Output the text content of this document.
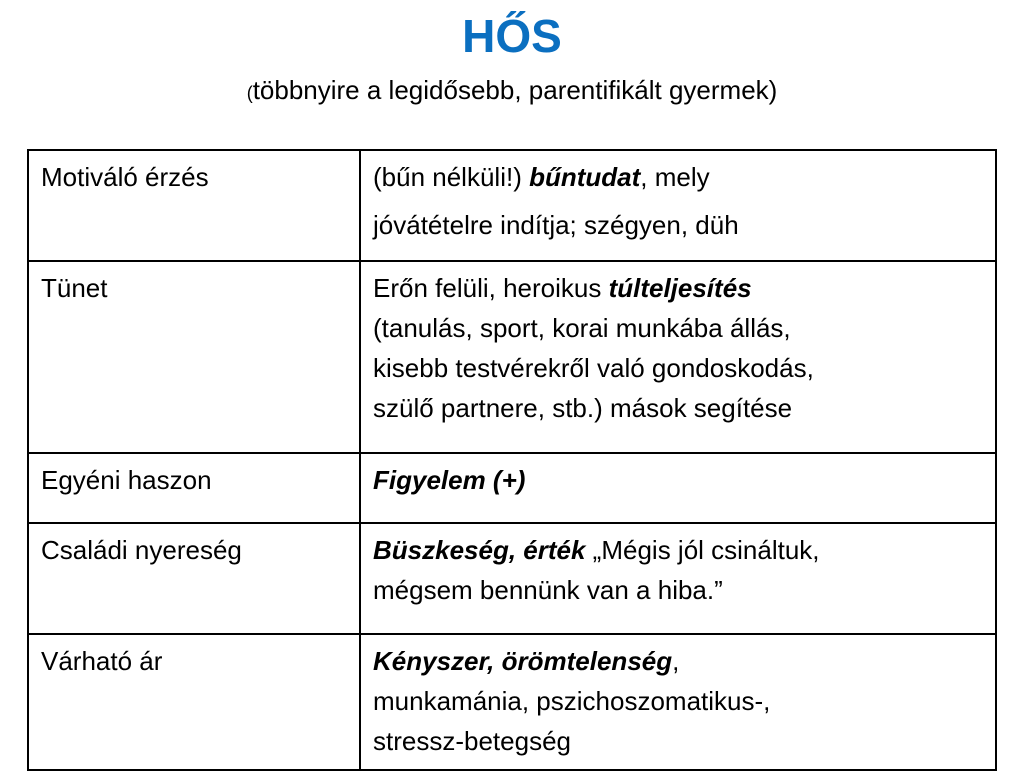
HŐS

(többnyire a legidősebb, parentifikált gyermek)

Motiváló érzés	(bűn nélküli!) bűntudat, mely
jóvátételre indítja; szégyen, düh

Tünet	Erőn felüli, heroikus túlteljesítés
(tanulás, sport, korai munkába állás,
kisebb testvérekről való gondoskodás,
szülő partnere, stb.) mások segítése

Egyéni haszon	Figyelem (+)

Családi nyereség	Büszkeség, érték „Mégis jól csináltuk,
mégsem bennünk van a hiba.”

Várható ár	Kényszer, örömtelenség,
munkamánia, pszichoszomatikus-,
stressz-betegség
